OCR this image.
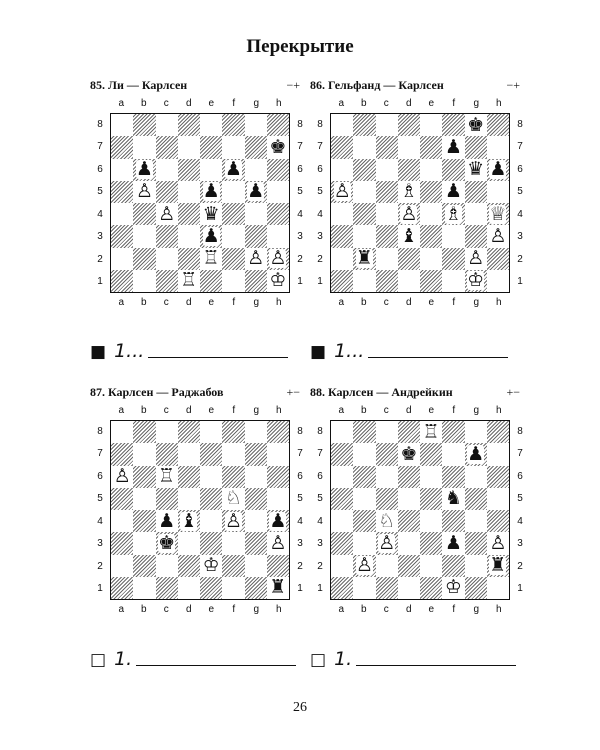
Перекрытие
85. Ли — Карлсен	−+
a	b	c	d	e	f	g	h
a	b	c	d	e	f	g	h
8
7
6
5
4
3
2
1
8
7
6
5
4
3
2
1
♚
♟	♟
♙	♟ ♟
♙ ♛
♟
♖ ♙ ♙
♖	♔
■ 1...
86. Гельфанд — Карлсен	−+
a	b	c	d	e	f	g	h
a	b	c	d	e	f	g	h
8
7
6
5
4
3
2
1
8
7
6
5
4
3
2
1
♚
♟
♛ ♟
♙	♗ ♟
♙ ♗ ♕
♝	♙
♜	♙
♔
■ 1...
87. Карлсен — Раджабов	+−
a	b	c	d	e	f	g	h
a	b	c	d	e	f	g	h
8
7
6
5
4
3
2
1
8
7
6
5
4
3
2
1
♙ ♖
♘
♟ ♝ ♙ ♟
♚	♙
♔
♜
□ 1.
88. Карлсен — Андрейкин	+−
a	b	c	d	e	f	g	h
a	b	c	d	e	f	g	h
8
7
6
5
4
3
2
1
8
7
6
5
4
3
2
1
♖
♚	♟
♞
♘
♙	♟ ♙
♙	♜
♔
□ 1.
26
